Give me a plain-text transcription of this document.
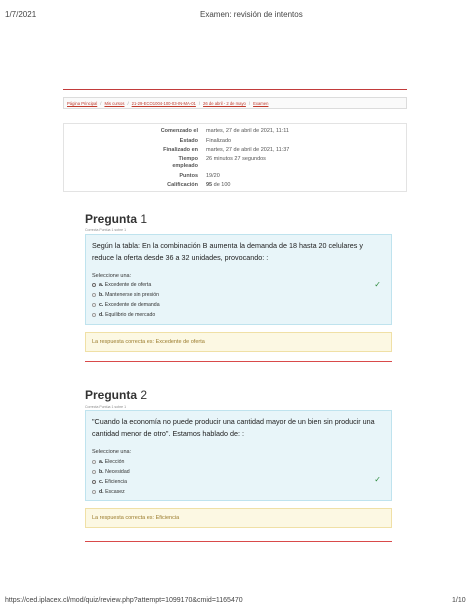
1/7/2021	Examen: revisión de intentos
Página Principal / Mis cursos / 21-29-ECO1004-100-03-IN-MA-01 / 26 de abril - 2 de mayo / Examen
Comenzado el martes, 27 de abril de 2021, 11:11
Estado Finalizado
Finalizado en martes, 27 de abril de 2021, 11:37
Tiempo empleado
26 minutos 27 segundos
Puntos 19/20
Calificación 95 de 100
Pregunta 1
Correcta Puntúa 1 sobre 1
Según la tabla: En la combinación B aumenta la demanda de 18 hasta 20 celulares y reduce la oferta desde 36 a 32 unidades, provocando: :
Seleccione una:
a.
Excedente de oferta
b.
Mantenerse sin presión
c.
Excedente de demanda
d.
Equilibrio de mercado
✓
La respuesta correcta es: Excedente de oferta
Pregunta 2
Correcta Puntúa 1 sobre 1
"Cuando la economía no puede producir una cantidad mayor de un bien sin producir una cantidad menor de otro". Estamos hablado de: :
Seleccione una:
a.
Elección
b.
Necesidad
c.
Eficiencia
d.
Escasez
✓
La respuesta correcta es: Eficiencia
https://ced.iplacex.cl/mod/quiz/review.php?attempt=1099170&cmid=1165470	1/10
